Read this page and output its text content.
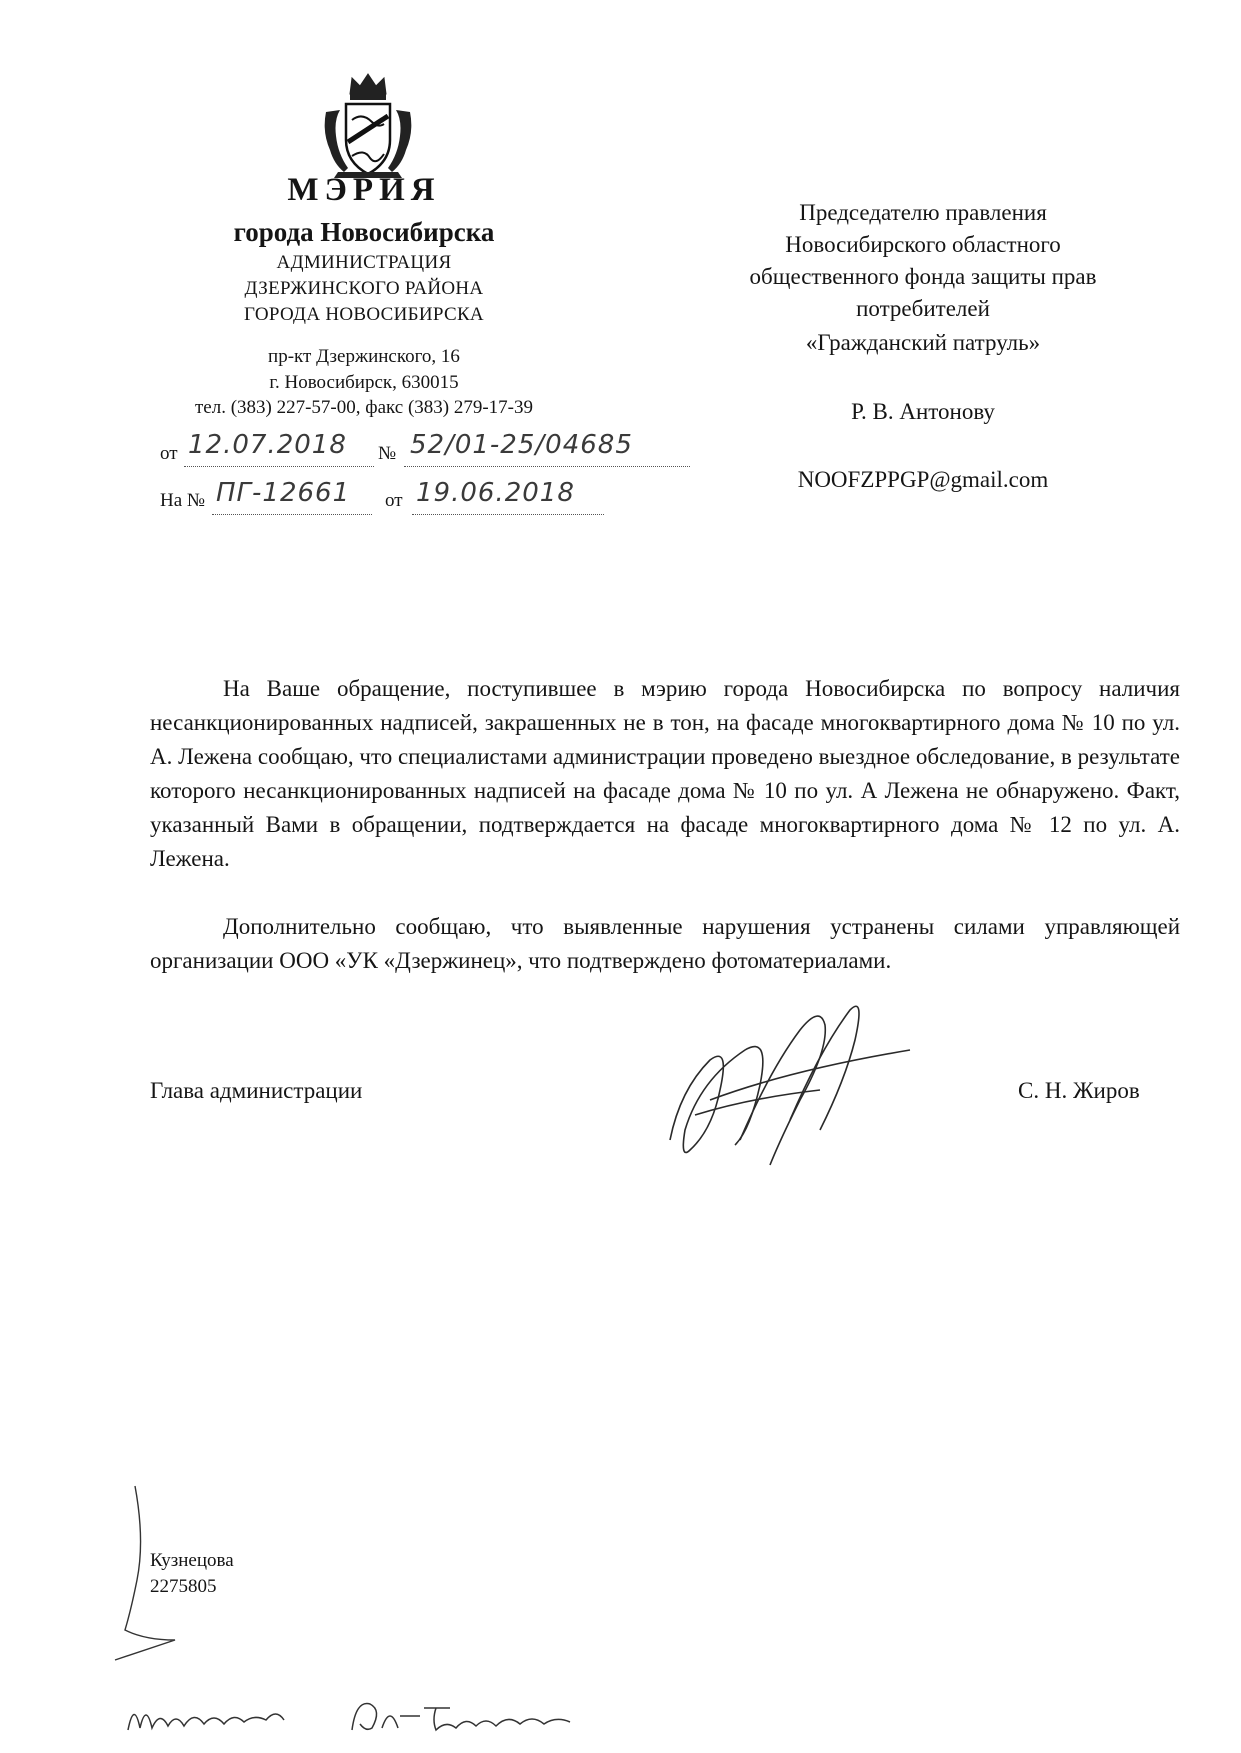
МЭРИЯ
города Новосибирска
АДМИНИСТРАЦИЯ
ДЗЕРЖИНСКОГО РАЙОНА
ГОРОДА НОВОСИБИРСКА
пр-кт Дзержинского, 16
г. Новосибирск, 630015
тел. (383) 227-57-00, факс (383) 279-17-39
от 12.07.2018 № 52/01-25/04685
На № ПГ-12661 от 19.06.2018
Председателю правления
Новосибирского областного
общественного фонда защиты прав
потребителей
«Гражданский патруль»
Р. В. Антонову
NOOFZPPGP@gmail.com

На Ваше обращение, поступившее в мэрию города Новосибирска по вопросу наличия несанкционированных надписей, закрашенных не в тон, на фасаде многоквартирного дома № 10 по ул. А. Лежена сообщаю, что специалистами администрации проведено выездное обследование, в результате которого несанкционированных надписей на фасаде дома № 10 по ул. А Лежена не обнаружено. Факт, указанный Вами в обращении, подтверждается на фасаде многоквартирного дома № 12 по ул. А. Лежена.

Дополнительно сообщаю, что выявленные нарушения устранены силами управляющей организации ООО «УК «Дзержинец», что подтверждено фотоматериалами.

Глава администрации	С. Н. Жиров
Кузнецова
2275805
